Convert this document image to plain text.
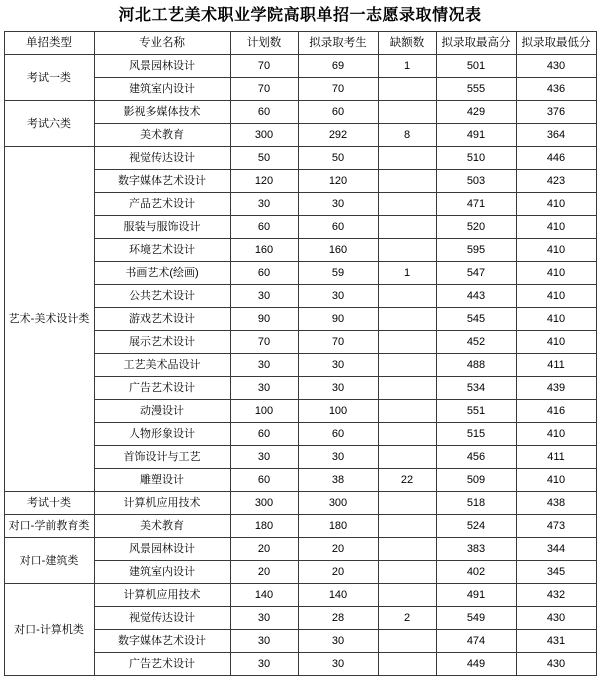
河北工艺美术职业学院高职单招一志愿录取情况表
单招类型	专业名称	计划数	拟录取考生	缺额数	拟录取最高分	拟录取最低分
考试一类	风景园林设计	70	69	1	501	430
	建筑室内设计	70	70		555	436
考试六类	影视多媒体技术	60	60		429	376
	美术教育	300	292	8	491	364
艺术-美术设计类	视觉传达设计	50	50		510	446
	数字媒体艺术设计	120	120		503	423
	产品艺术设计	30	30		471	410
	服装与服饰设计	60	60		520	410
	环境艺术设计	160	160		595	410
	书画艺术(绘画)	60	59	1	547	410
	公共艺术设计	30	30		443	410
	游戏艺术设计	90	90		545	410
	展示艺术设计	70	70		452	410
	工艺美术品设计	30	30		488	411
	广告艺术设计	30	30		534	439
	动漫设计	100	100		551	416
	人物形象设计	60	60		515	410
	首饰设计与工艺	30	30		456	411
	雕塑设计	60	38	22	509	410
考试十类	计算机应用技术	300	300		518	438
对口-学前教育类	美术教育	180	180		524	473
对口-建筑类	风景园林设计	20	20		383	344
	建筑室内设计	20	20		402	345
对口-计算机类	计算机应用技术	140	140		491	432
	视觉传达设计	30	28	2	549	430
	数字媒体艺术设计	30	30		474	431
	广告艺术设计	30	30		449	430
